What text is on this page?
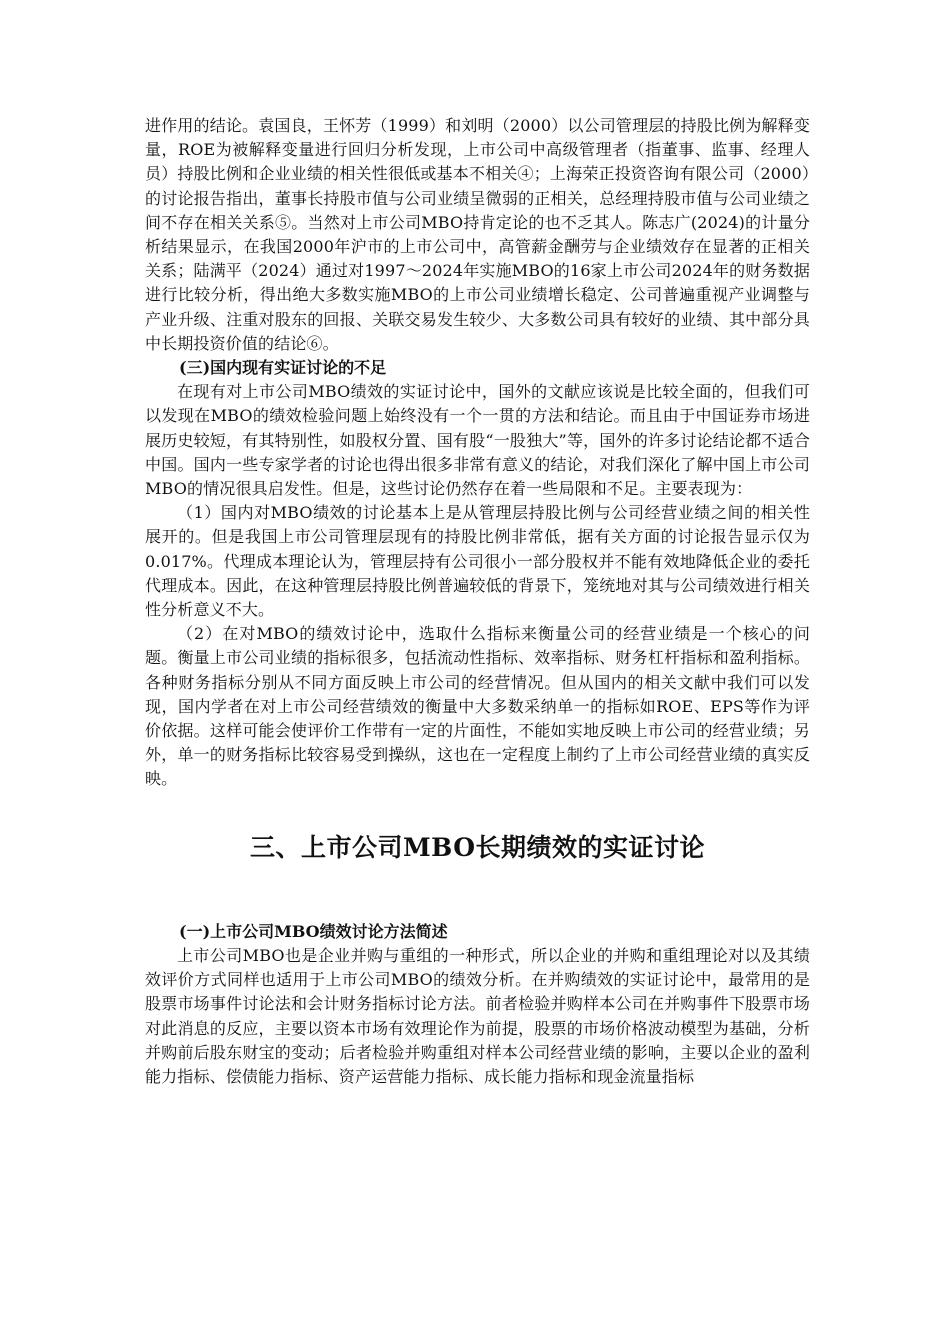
进作用的结论。袁国良，王怀芳（1999）和刘明（2000）以公司管理层的持股比例为解释变量，ROE为被解释变量进行回归分析发现，上市公司中高级管理者（指董事、监事、经理人员）持股比例和企业业绩的相关性很低或基本不相关④；上海荣正投资咨询有限公司（2000）的讨论报告指出，董事长持股市值与公司业绩呈微弱的正相关，总经理持股市值与公司业绩之间不存在相关关系⑤。当然对上市公司MBO持肯定论的也不乏其人。陈志广(2024)的计量分析结果显示，在我国2000年沪市的上市公司中，高管薪金酬劳与企业绩效存在显著的正相关关系；陆满平（2024）通过对1997～2024年实施MBO的16家上市公司2024年的财务数据进行比较分析，得出绝大多数实施MBO的上市公司业绩增长稳定、公司普遍重视产业调整与产业升级、注重对股东的回报、关联交易发生较少、大多数公司具有较好的业绩、其中部分具中长期投资价值的结论⑥。

(三)国内现有实证讨论的不足

在现有对上市公司MBO绩效的实证讨论中，国外的文献应该说是比较全面的，但我们可以发现在MBO的绩效检验问题上始终没有一个一贯的方法和结论。而且由于中国证券市场进展历史较短，有其特别性，如股权分置、国有股“一股独大”等，国外的许多讨论结论都不适合中国。国内一些专家学者的讨论也得出很多非常有意义的结论，对我们深化了解中国上市公司MBO的情况很具启发性。但是，这些讨论仍然存在着一些局限和不足。主要表现为：

（1）国内对MBO绩效的讨论基本上是从管理层持股比例与公司经营业绩之间的相关性展开的。但是我国上市公司管理层现有的持股比例非常低，据有关方面的讨论报告显示仅为0.017%。代理成本理论认为，管理层持有公司很小一部分股权并不能有效地降低企业的委托代理成本。因此，在这种管理层持股比例普遍较低的背景下，笼统地对其与公司绩效进行相关性分析意义不大。

（2）在对MBO的绩效讨论中，选取什么指标来衡量公司的经营业绩是一个核心的问题。衡量上市公司业绩的指标很多，包括流动性指标、效率指标、财务杠杆指标和盈利指标。各种财务指标分别从不同方面反映上市公司的经营情况。但从国内的相关文献中我们可以发现，国内学者在对上市公司经营绩效的衡量中大多数采纳单一的指标如ROE、EPS等作为评价依据。这样可能会使评价工作带有一定的片面性，不能如实地反映上市公司的经营业绩；另外，单一的财务指标比较容易受到操纵，这也在一定程度上制约了上市公司经营业绩的真实反映。

三、上市公司MBO长期绩效的实证讨论

(一)上市公司MBO绩效讨论方法简述

上市公司MBO也是企业并购与重组的一种形式，所以企业的并购和重组理论对以及其绩效评价方式同样也适用于上市公司MBO的绩效分析。在并购绩效的实证讨论中，最常用的是股票市场事件讨论法和会计财务指标讨论方法。前者检验并购样本公司在并购事件下股票市场对此消息的反应，主要以资本市场有效理论作为前提，股票的市场价格波动模型为基础，分析并购前后股东财宝的变动；后者检验并购重组对样本公司经营业绩的影响，主要以企业的盈利能力指标、偿债能力指标、资产运营能力指标、成长能力指标和现金流量指标
